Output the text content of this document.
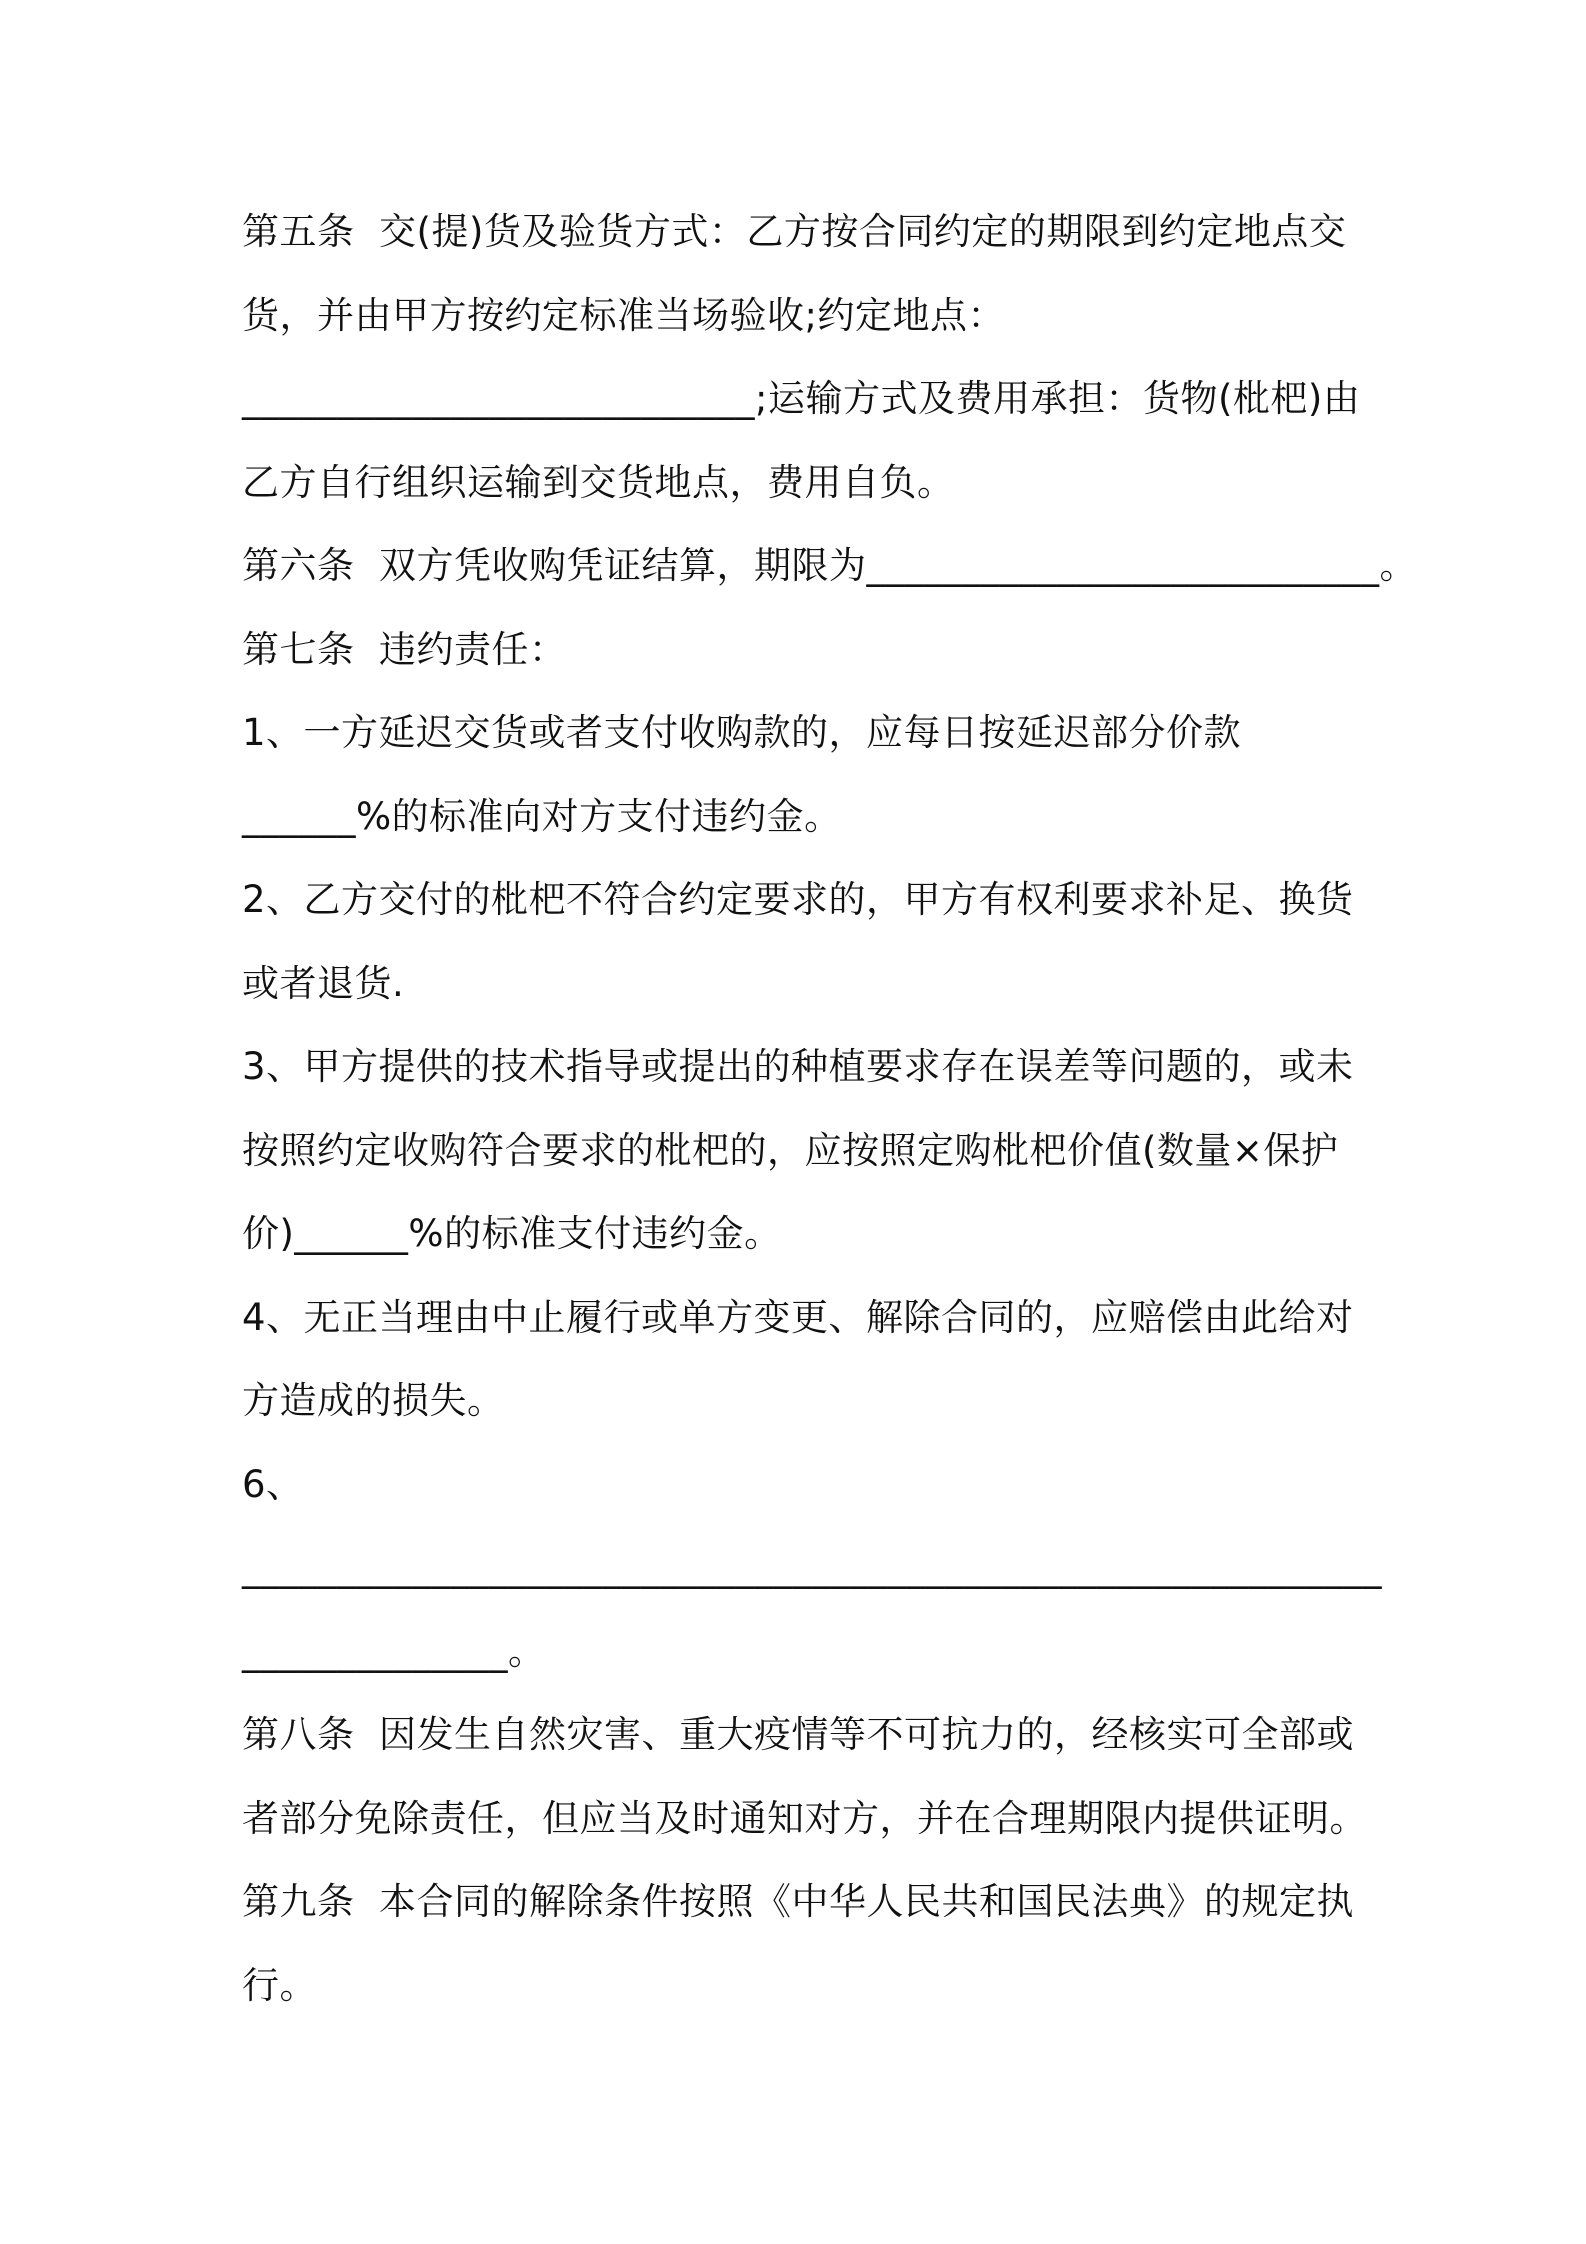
第五条  交(提)货及验货方式：乙方按合同约定的期限到约定地点交
货，并由甲方按约定标准当场验收;约定地点：
___________________________;运输方式及费用承担：货物(枇杷)由
乙方自行组织运输到交货地点，费用自负。
第六条  双方凭收购凭证结算，期限为___________________________。
第七条  违约责任：
1、一方延迟交货或者支付收购款的，应每日按延迟部分价款
______%的标准向对方支付违约金。
2、乙方交付的枇杷不符合约定要求的，甲方有权利要求补足、换货
或者退货.
3、甲方提供的技术指导或提出的种植要求存在误差等问题的，或未
按照约定收购符合要求的枇杷的，应按照定购枇杷价值(数量×保护
价)______%的标准支付违约金。
4、无正当理由中止履行或单方变更、解除合同的，应赔偿由此给对
方造成的损失。
6、
____________________________________________________________
______________。
第八条  因发生自然灾害、重大疫情等不可抗力的，经核实可全部或
者部分免除责任，但应当及时通知对方，并在合理期限内提供证明。
第九条  本合同的解除条件按照《中华人民共和国民法典》的规定执
行。
